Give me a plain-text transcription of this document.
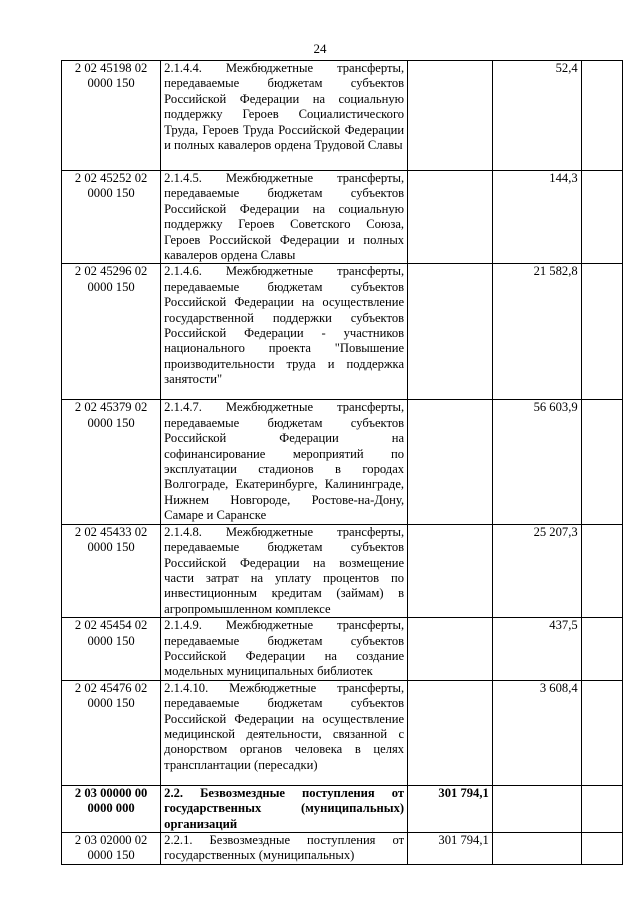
24
2 02 45198 02 0000 150	2.1.4.4. Межбюджетные трансферты, передаваемые бюджетам субъектов Российской Федерации на социальную поддержку Героев Социалистического Труда, Героев Труда Российской Федерации и полных кавалеров ордена Трудовой Славы		52,4	
2 02 45252 02 0000 150	2.1.4.5. Межбюджетные трансферты, передаваемые бюджетам субъектов Российской Федерации на социальную поддержку Героев Советского Союза, Героев Российской Федерации и полных кавалеров ордена Славы		144,3	
2 02 45296 02 0000 150	2.1.4.6. Межбюджетные трансферты, передаваемые бюджетам субъектов Российской Федерации на осуществление государственной поддержки субъектов Российской Федерации - участников национального проекта "Повышение производительности труда и поддержка занятости"		21 582,8	
2 02 45379 02 0000 150	2.1.4.7. Межбюджетные трансферты, передаваемые бюджетам субъектов Российской Федерации на софинансирование мероприятий по эксплуатации стадионов в городах Волгограде, Екатеринбурге, Калининграде, Нижнем Новгороде, Ростове-на-Дону, Самаре и Саранске		56 603,9	
2 02 45433 02 0000 150	2.1.4.8. Межбюджетные трансферты, передаваемые бюджетам субъектов Российской Федерации на возмещение части затрат на уплату процентов по инвестиционным кредитам (займам) в агропромышленном комплексе		25 207,3	
2 02 45454 02 0000 150	2.1.4.9. Межбюджетные трансферты, передаваемые бюджетам субъектов Российской Федерации на создание модельных муниципальных библиотек		437,5	
2 02 45476 02 0000 150	2.1.4.10. Межбюджетные трансферты, передаваемые бюджетам субъектов Российской Федерации на осуществление медицинской деятельности, связанной с донорством органов человека в целях трансплантации (пересадки)		3 608,4	
2 03 00000 00 0000 000	2.2. Безвозмездные поступления от государственных (муниципальных) организаций	301 794,1		
2 03 02000 02 0000 150	2.2.1. Безвозмездные поступления от государственных (муниципальных)	301 794,1		
